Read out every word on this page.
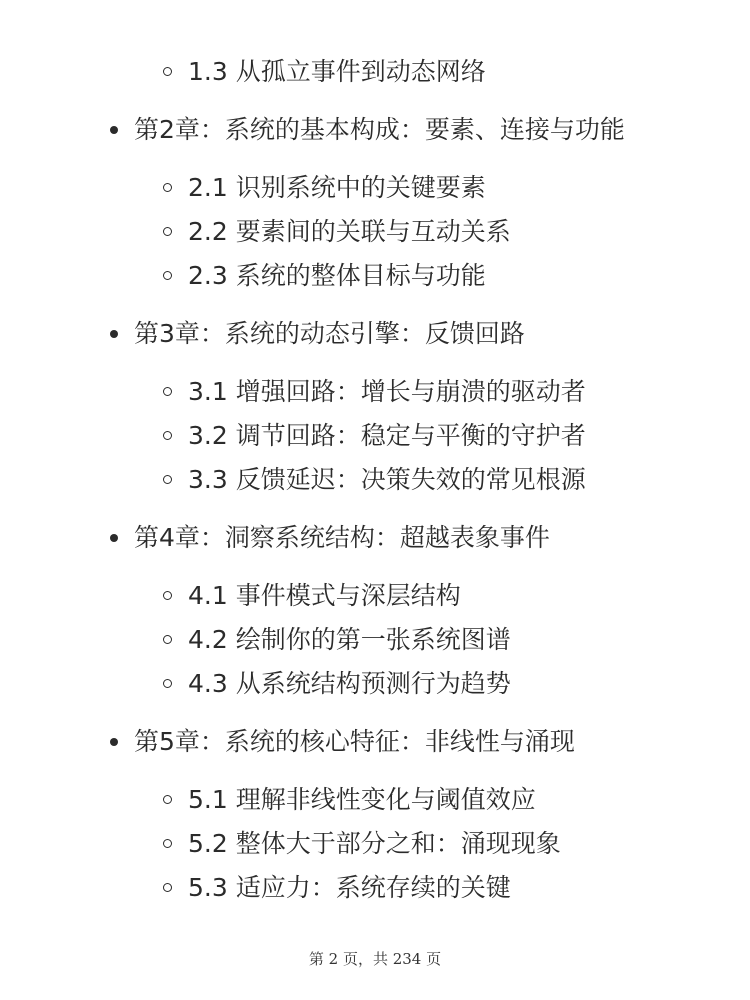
1.3 从孤立事件到动态网络
第2章：系统的基本构成：要素、连接与功能
2.1 识别系统中的关键要素
2.2 要素间的关联与互动关系
2.3 系统的整体目标与功能
第3章：系统的动态引擎：反馈回路
3.1 增强回路：增长与崩溃的驱动者
3.2 调节回路：稳定与平衡的守护者
3.3 反馈延迟：决策失效的常见根源
第4章：洞察系统结构：超越表象事件
4.1 事件模式与深层结构
4.2 绘制你的第一张系统图谱
4.3 从系统结构预测行为趋势
第5章：系统的核心特征：非线性与涌现
5.1 理解非线性变化与阈值效应
5.2 整体大于部分之和：涌现现象
5.3 适应力：系统存续的关键
第 2 页，共 234 页
